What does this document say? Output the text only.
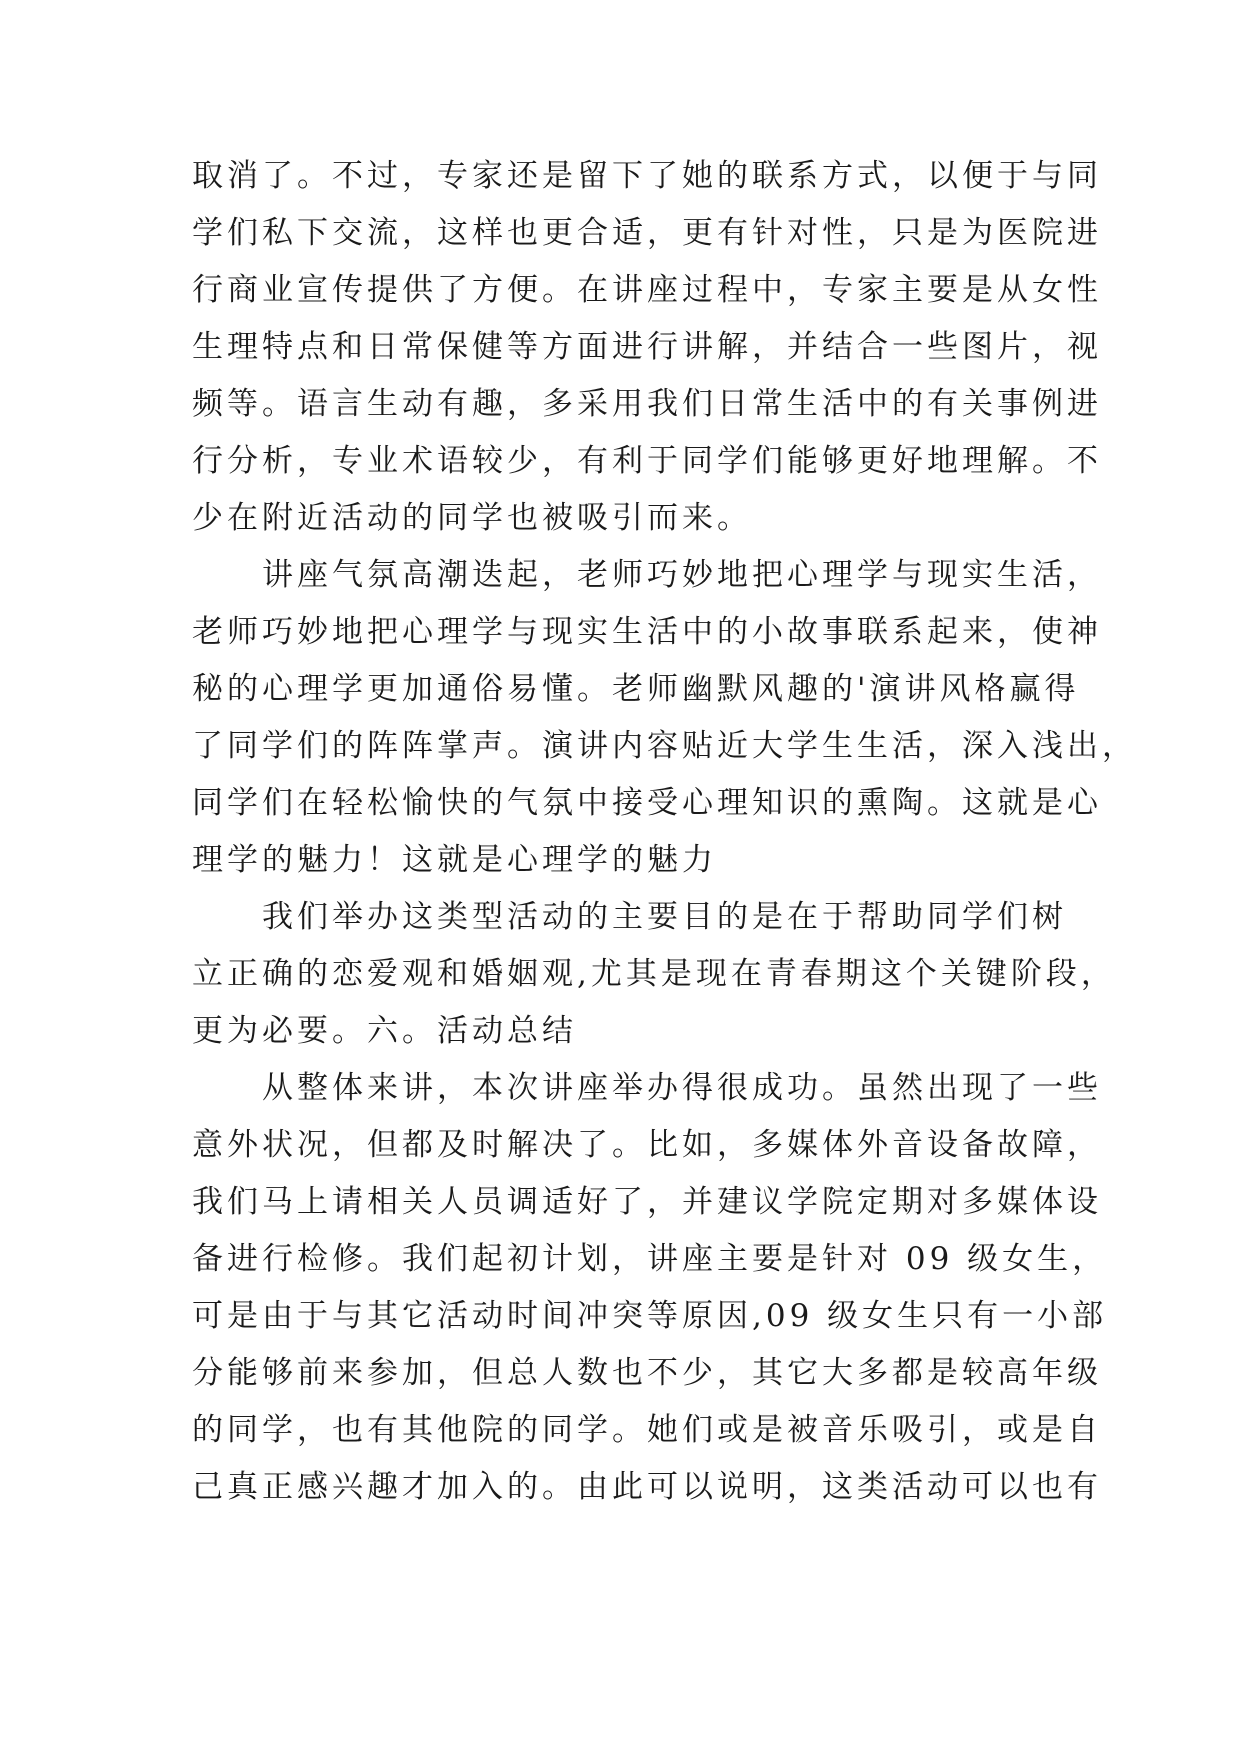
取消了。不过，专家还是留下了她的联系方式，以便于与同
学们私下交流，这样也更合适，更有针对性，只是为医院进
行商业宣传提供了方便。在讲座过程中，专家主要是从女性
生理特点和日常保健等方面进行讲解，并结合一些图片，视
频等。语言生动有趣，多采用我们日常生活中的有关事例进
行分析，专业术语较少，有利于同学们能够更好地理解。不
少在附近活动的同学也被吸引而来。
讲座气氛高潮迭起，老师巧妙地把心理学与现实生活，
老师巧妙地把心理学与现实生活中的小故事联系起来，使神
秘的心理学更加通俗易懂。老师幽默风趣的'演讲风格赢得
了同学们的阵阵掌声。演讲内容贴近大学生生活，深入浅出，
同学们在轻松愉快的气氛中接受心理知识的熏陶。这就是心
理学的魅力！这就是心理学的魅力
我们举办这类型活动的主要目的是在于帮助同学们树
立正确的恋爱观和婚姻观,尤其是现在青春期这个关键阶段，
更为必要。六。活动总结
从整体来讲，本次讲座举办得很成功。虽然出现了一些
意外状况，但都及时解决了。比如，多媒体外音设备故障，
我们马上请相关人员调适好了，并建议学院定期对多媒体设
备进行检修。我们起初计划，讲座主要是针对 09 级女生，
可是由于与其它活动时间冲突等原因,09 级女生只有一小部
分能够前来参加，但总人数也不少，其它大多都是较高年级
的同学，也有其他院的同学。她们或是被音乐吸引，或是自
己真正感兴趣才加入的。由此可以说明，这类活动可以也有
